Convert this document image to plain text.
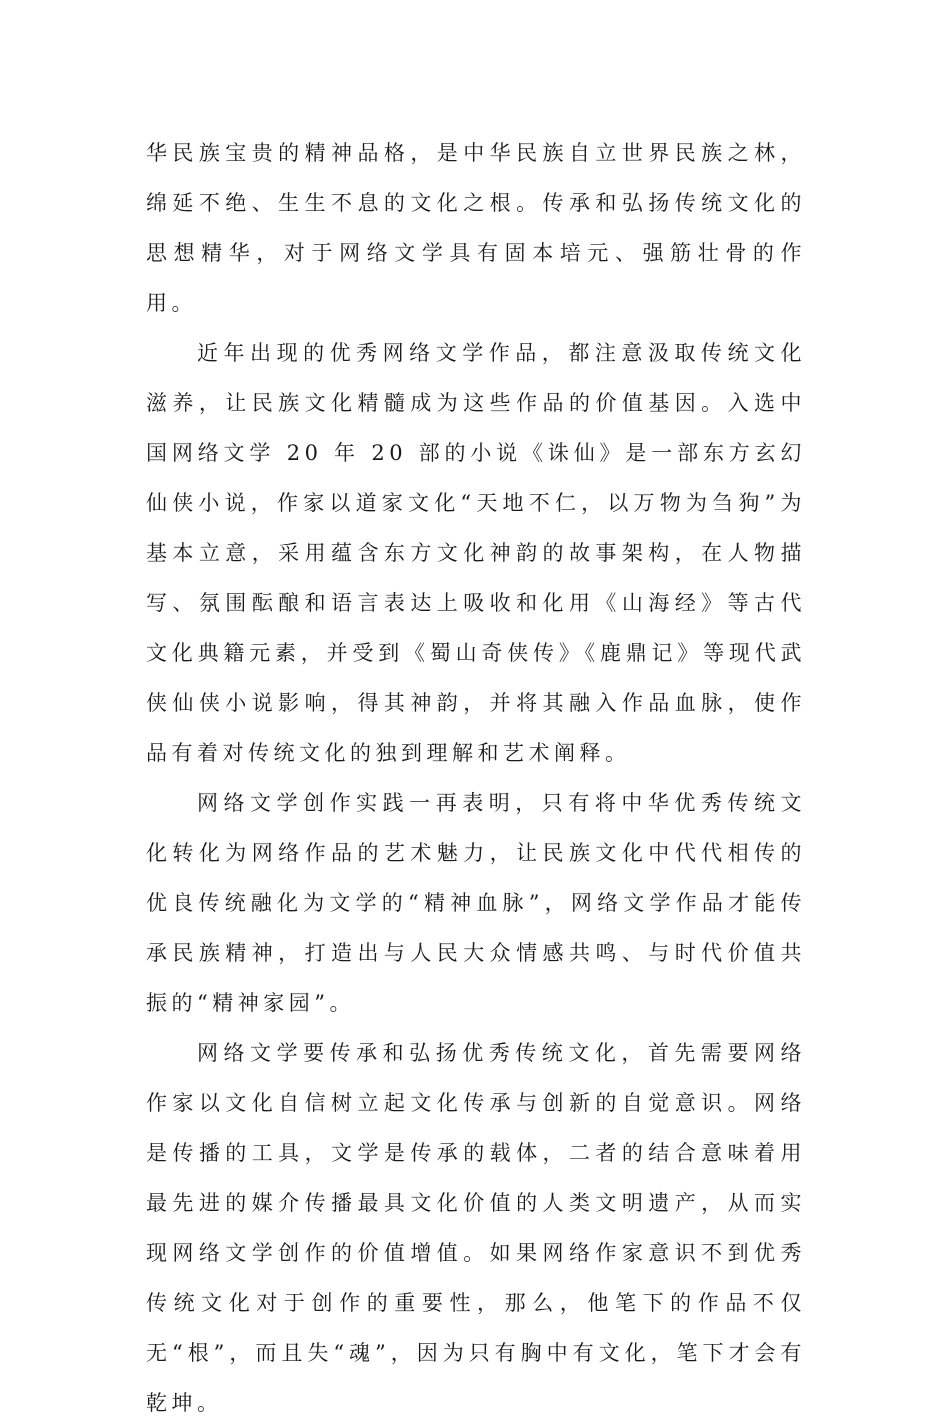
华民族宝贵的精神品格，是中华民族自立世界民族之林，绵延不绝、生生不息的文化之根。传承和弘扬传统文化的思想精华，对于网络文学具有固本培元、强筋壮骨的作用。

近年出现的优秀网络文学作品，都注意汲取传统文化滋养，让民族文化精髓成为这些作品的价值基因。入选中国网络文学 20 年 20 部的小说《诛仙》是一部东方玄幻仙侠小说，作家以道家文化“天地不仁，以万物为刍狗”为基本立意，采用蕴含东方文化神韵的故事架构，在人物描写、氛围酝酿和语言表达上吸收和化用《山海经》等古代文化典籍元素，并受到《蜀山奇侠传》《鹿鼎记》等现代武侠仙侠小说影响，得其神韵，并将其融入作品血脉，使作品有着对传统文化的独到理解和艺术阐释。

网络文学创作实践一再表明，只有将中华优秀传统文化转化为网络作品的艺术魅力，让民族文化中代代相传的优良传统融化为文学的“精神血脉”，网络文学作品才能传承民族精神，打造出与人民大众情感共鸣、与时代价值共振的“精神家园”。

网络文学要传承和弘扬优秀传统文化，首先需要网络作家以文化自信树立起文化传承与创新的自觉意识。网络是传播的工具，文学是传承的载体，二者的结合意味着用最先进的媒介传播最具文化价值的人类文明遗产，从而实现网络文学创作的价值增值。如果网络作家意识不到优秀传统文化对于创作的重要性，那么，他笔下的作品不仅无“根”，而且失“魂”，因为只有胸中有文化，笔下才会有乾坤。
